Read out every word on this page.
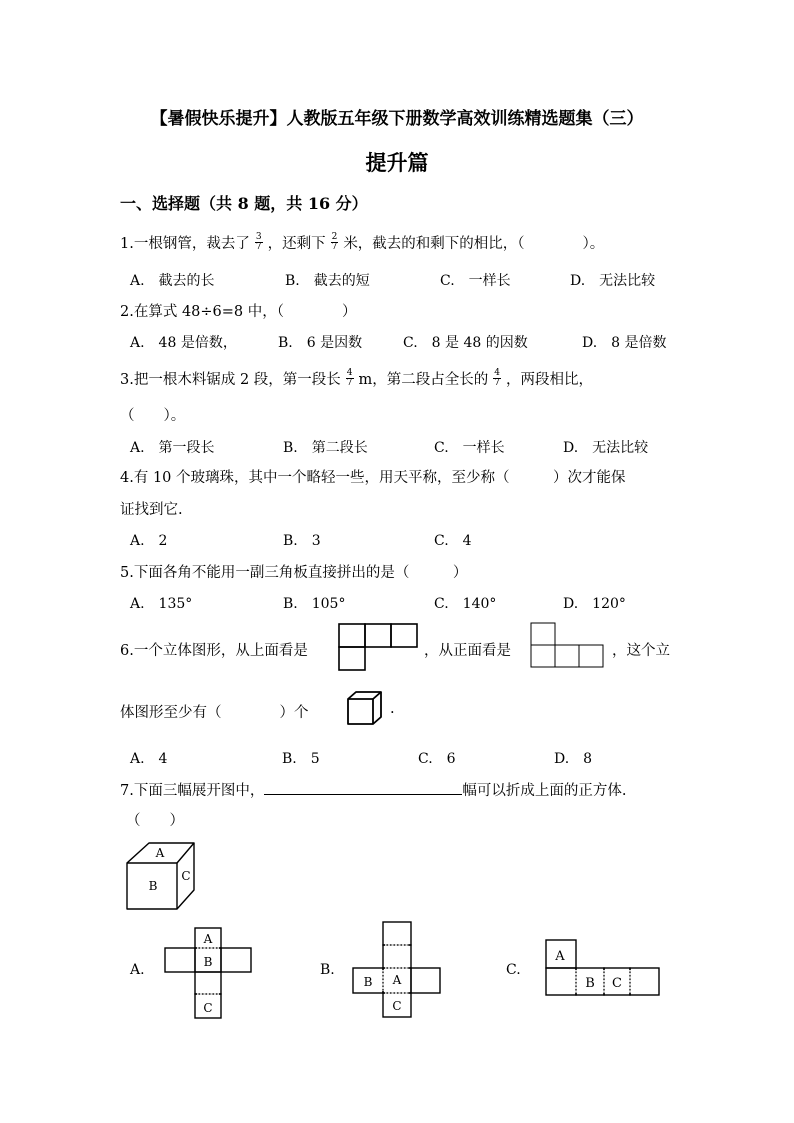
【暑假快乐提升】人教版五年级下册数学高效训练精选题集（三）
提升篇
一、选择题（共 8 题，共 16 分）
1.一根钢管，裁去了 $\frac{3}{7}$ ，还剩下 $\frac{2}{7}$ 米，截去的和剩下的相比，（　　　　）。
A.　截去的长	B.　截去的短	C.　一样长	D.　无法比较
2.在算式 48÷6=8 中，（　　　　）
A.　48 是倍数，	B.　6 是因数	C.　8 是 48 的因数	D.　8 是倍数
3.把一根木料锯成 2 段，第一段长 $\frac{4}{7}$ m，第二段占全长的 $\frac{4}{7}$ ，两段相比，
（　　）。
A.　第一段长	B.　第二段长	C.　一样长	D.　无法比较
4.有 10 个玻璃珠，其中一个略轻一些，用天平称，至少称（　　　）次才能保
证找到它.
A.　2	B.　3	C.　4
5.下面各角不能用一副三角板直接拼出的是（　　　）
A.　135°	B.　105°	C.　140°	D.　120°
6.一个立体图形，从上面看是	，从正面看是	，这个立
体图形至少有（　　　　）个	.
A.　4	B.　5	C.　6	D.　8
7.下面三幅展开图中，	幅可以折成上面的正方体.
（　　）
A
B
C
A.
A
B
C
B.
B A
C
C.
A
B C
